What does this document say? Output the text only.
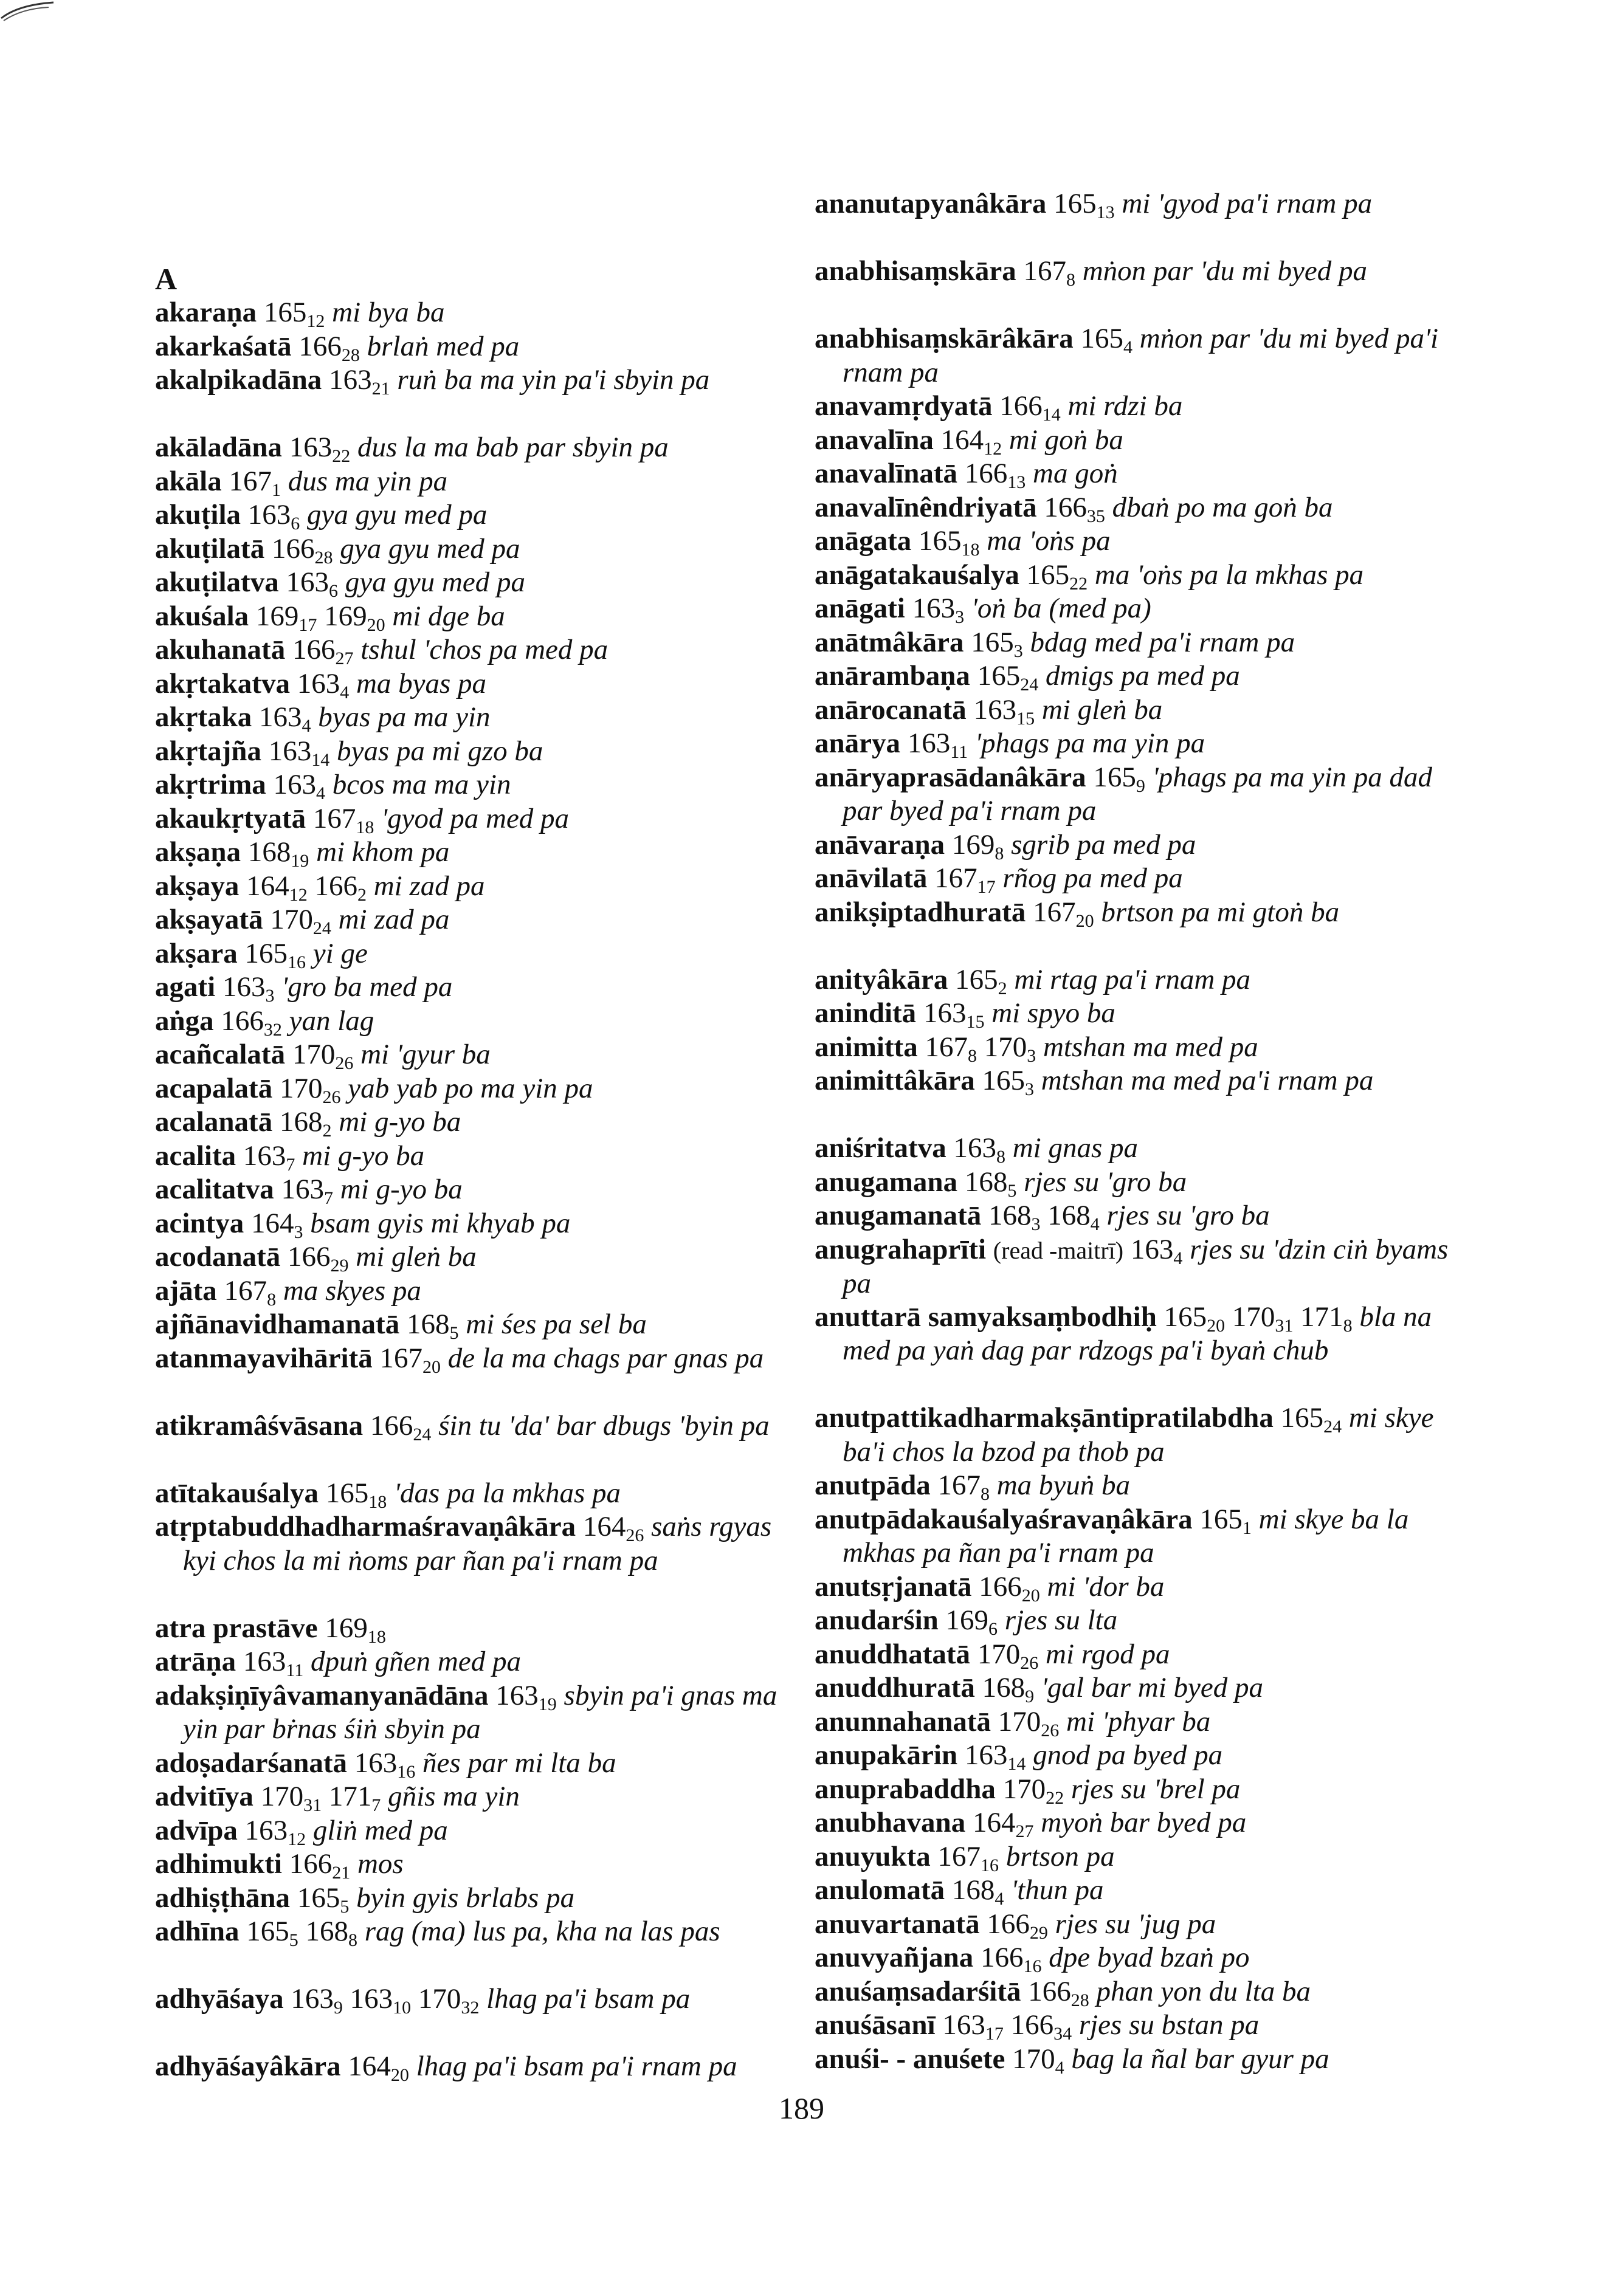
A
akaraṇa $165_{12}$ mi bya ba
akarkaśatā $166_{28}$ brlaṅ med pa
akalpikadāna $163_{21}$ ruṅ ba ma yin pa'i sbyin pa
akāladāna $163_{22}$ dus la ma bab par sbyin pa
akāla $167_1$ dus ma yin pa
akuṭila $163_6$ gya gyu med pa
akuṭilatā $166_{28}$ gya gyu med pa
akuṭilatva $163_6$ gya gyu med pa
akuśala $169_{17}$ $169_{20}$ mi dge ba
akuhanatā $166_{27}$ tshul 'chos pa med pa
akṛtakatva $163_4$ ma byas pa
akṛtaka $163_4$ byas pa ma yin
akṛtajña $163_{14}$ byas pa mi gzo ba
akṛtrima $163_4$ bcos ma ma yin
akaukṛtyatā $167_{18}$ 'gyod pa med pa
akṣaṇa $168_{19}$ mi khom pa
akṣaya $164_{12}$ $166_2$ mi zad pa
akṣayatā $170_{24}$ mi zad pa
akṣara $165_{16}$ yi ge
agati $163_3$ 'gro ba med pa
aṅga $166_{32}$ yan lag
acañcalatā $170_{26}$ mi 'gyur ba
acapalatā $170_{26}$ yab yab po ma yin pa
acalanatā $168_2$ mi g-yo ba
acalita $163_7$ mi g-yo ba
acalitatva $163_7$ mi g-yo ba
acintya $164_3$ bsam gyis mi khyab pa
acodanatā $166_{29}$ mi gleṅ ba
ajāta $167_8$ ma skyes pa
ajñānavidhamanatā $168_5$ mi śes pa sel ba
atanmayavihāritā $167_{20}$ de la ma chags par gnas pa
atikramâśvāsana $166_{24}$ śin tu 'da' bar dbugs 'byin pa
atītakauśalya $165_{18}$ 'das pa la mkhas pa
atṛptabuddhadharmaśravaṇâkāra $164_{26}$ saṅs rgyas kyi chos la mi ṅoms par ñan pa'i rnam pa
atra prastāve $169_{18}$
atrāṇa $163_{11}$ dpuṅ gñen med pa
adakṣiṇīyâvamanyanādāna $163_{19}$ sbyin pa'i gnas ma yin par bṙnas śiṅ sbyin pa
adoṣadarśanatā $163_{16}$ ñes par mi lta ba
advitīya $170_{31}$ $171_7$ gñis ma yin
advīpa $163_{12}$ gliṅ med pa
adhimukti $166_{21}$ mos
adhiṣṭhāna $165_5$ byin gyis brlabs pa
adhīna $165_5$ $168_8$ rag (ma) lus pa, kha na las pas
adhyāśaya $163_9$ $163_{10}$ $170_{32}$ lhag pa'i bsam pa
adhyāśayâkāra $164_{20}$ lhag pa'i bsam pa'i rnam pa
ananutapyanâkāra $165_{13}$ mi 'gyod pa'i rnam pa
anabhisaṃskāra $167_8$ mṅon par 'du mi byed pa
anabhisaṃskārâkāra $165_4$ mṅon par 'du mi byed pa'i rnam pa
anavamṛdyatā $166_{14}$ mi rdzi ba
anavalīna $164_{12}$ mi goṅ ba
anavalīnatā $166_{13}$ ma goṅ
anavalīnêndriyatā $166_{35}$ dbaṅ po ma goṅ ba
anāgata $165_{18}$ ma 'oṅs pa
anāgatakauśalya $165_{22}$ ma 'oṅs pa la mkhas pa
anāgati $163_3$ 'oṅ ba (med pa)
anātmâkāra $165_3$ bdag med pa'i rnam pa
anārambaṇa $165_{24}$ dmigs pa med pa
anārocanatā $163_{15}$ mi gleṅ ba
anārya $163_{11}$ 'phags pa ma yin pa
anāryaprasādanâkāra $165_9$ 'phags pa ma yin pa dad par byed pa'i rnam pa
anāvaraṇa $169_8$ sgrib pa med pa
anāvilatā $167_{17}$ rñog pa med pa
anikṣiptadhuratā $167_{20}$ brtson pa mi gtoṅ ba
anityâkāra $165_2$ mi rtag pa'i rnam pa
aninditā $163_{15}$ mi spyo ba
animitta $167_8$ $170_3$ mtshan ma med pa
animittâkāra $165_3$ mtshan ma med pa'i rnam pa
aniśritatva $163_8$ mi gnas pa
anugamana $168_5$ rjes su 'gro ba
anugamanatā $168_3$ $168_4$ rjes su 'gro ba
anugrahaprīti (read -maitrī) $163_4$ rjes su 'dzin ciṅ byams pa
anuttarā samyaksaṃbodhiḥ $165_{20}$ $170_{31}$ $171_8$ bla na med pa yaṅ dag par rdzogs pa'i byaṅ chub
anutpattikadharmakṣāntipratilabdha $165_{24}$ mi skye ba'i chos la bzod pa thob pa
anutpāda $167_8$ ma byuṅ ba
anutpādakauśalyaśravaṇâkāra $165_1$ mi skye ba la mkhas pa ñan pa'i rnam pa
anutsṛjanatā $166_{20}$ mi 'dor ba
anudarśin $169_6$ rjes su lta
anuddhatatā $170_{26}$ mi rgod pa
anuddhuratā $168_9$ 'gal bar mi byed pa
anunnahanatā $170_{26}$ mi 'phyar ba
anupakārin $163_{14}$ gnod pa byed pa
anuprabaddha $170_{22}$ rjes su 'brel pa
anubhavana $164_{27}$ myoṅ bar byed pa
anuyukta $167_{16}$ brtson pa
anulomatā $168_4$ 'thun pa
anuvartanatā $166_{29}$ rjes su 'jug pa
anuvyañjana $166_{16}$ dpe byad bzaṅ po
anuśaṃsadarśitā $166_{28}$ phan yon du lta ba
anuśāsanī $163_{17}$ $166_{34}$ rjes su bstan pa
anuśi- - anuśete $170_4$ bag la ñal bar gyur pa
189
